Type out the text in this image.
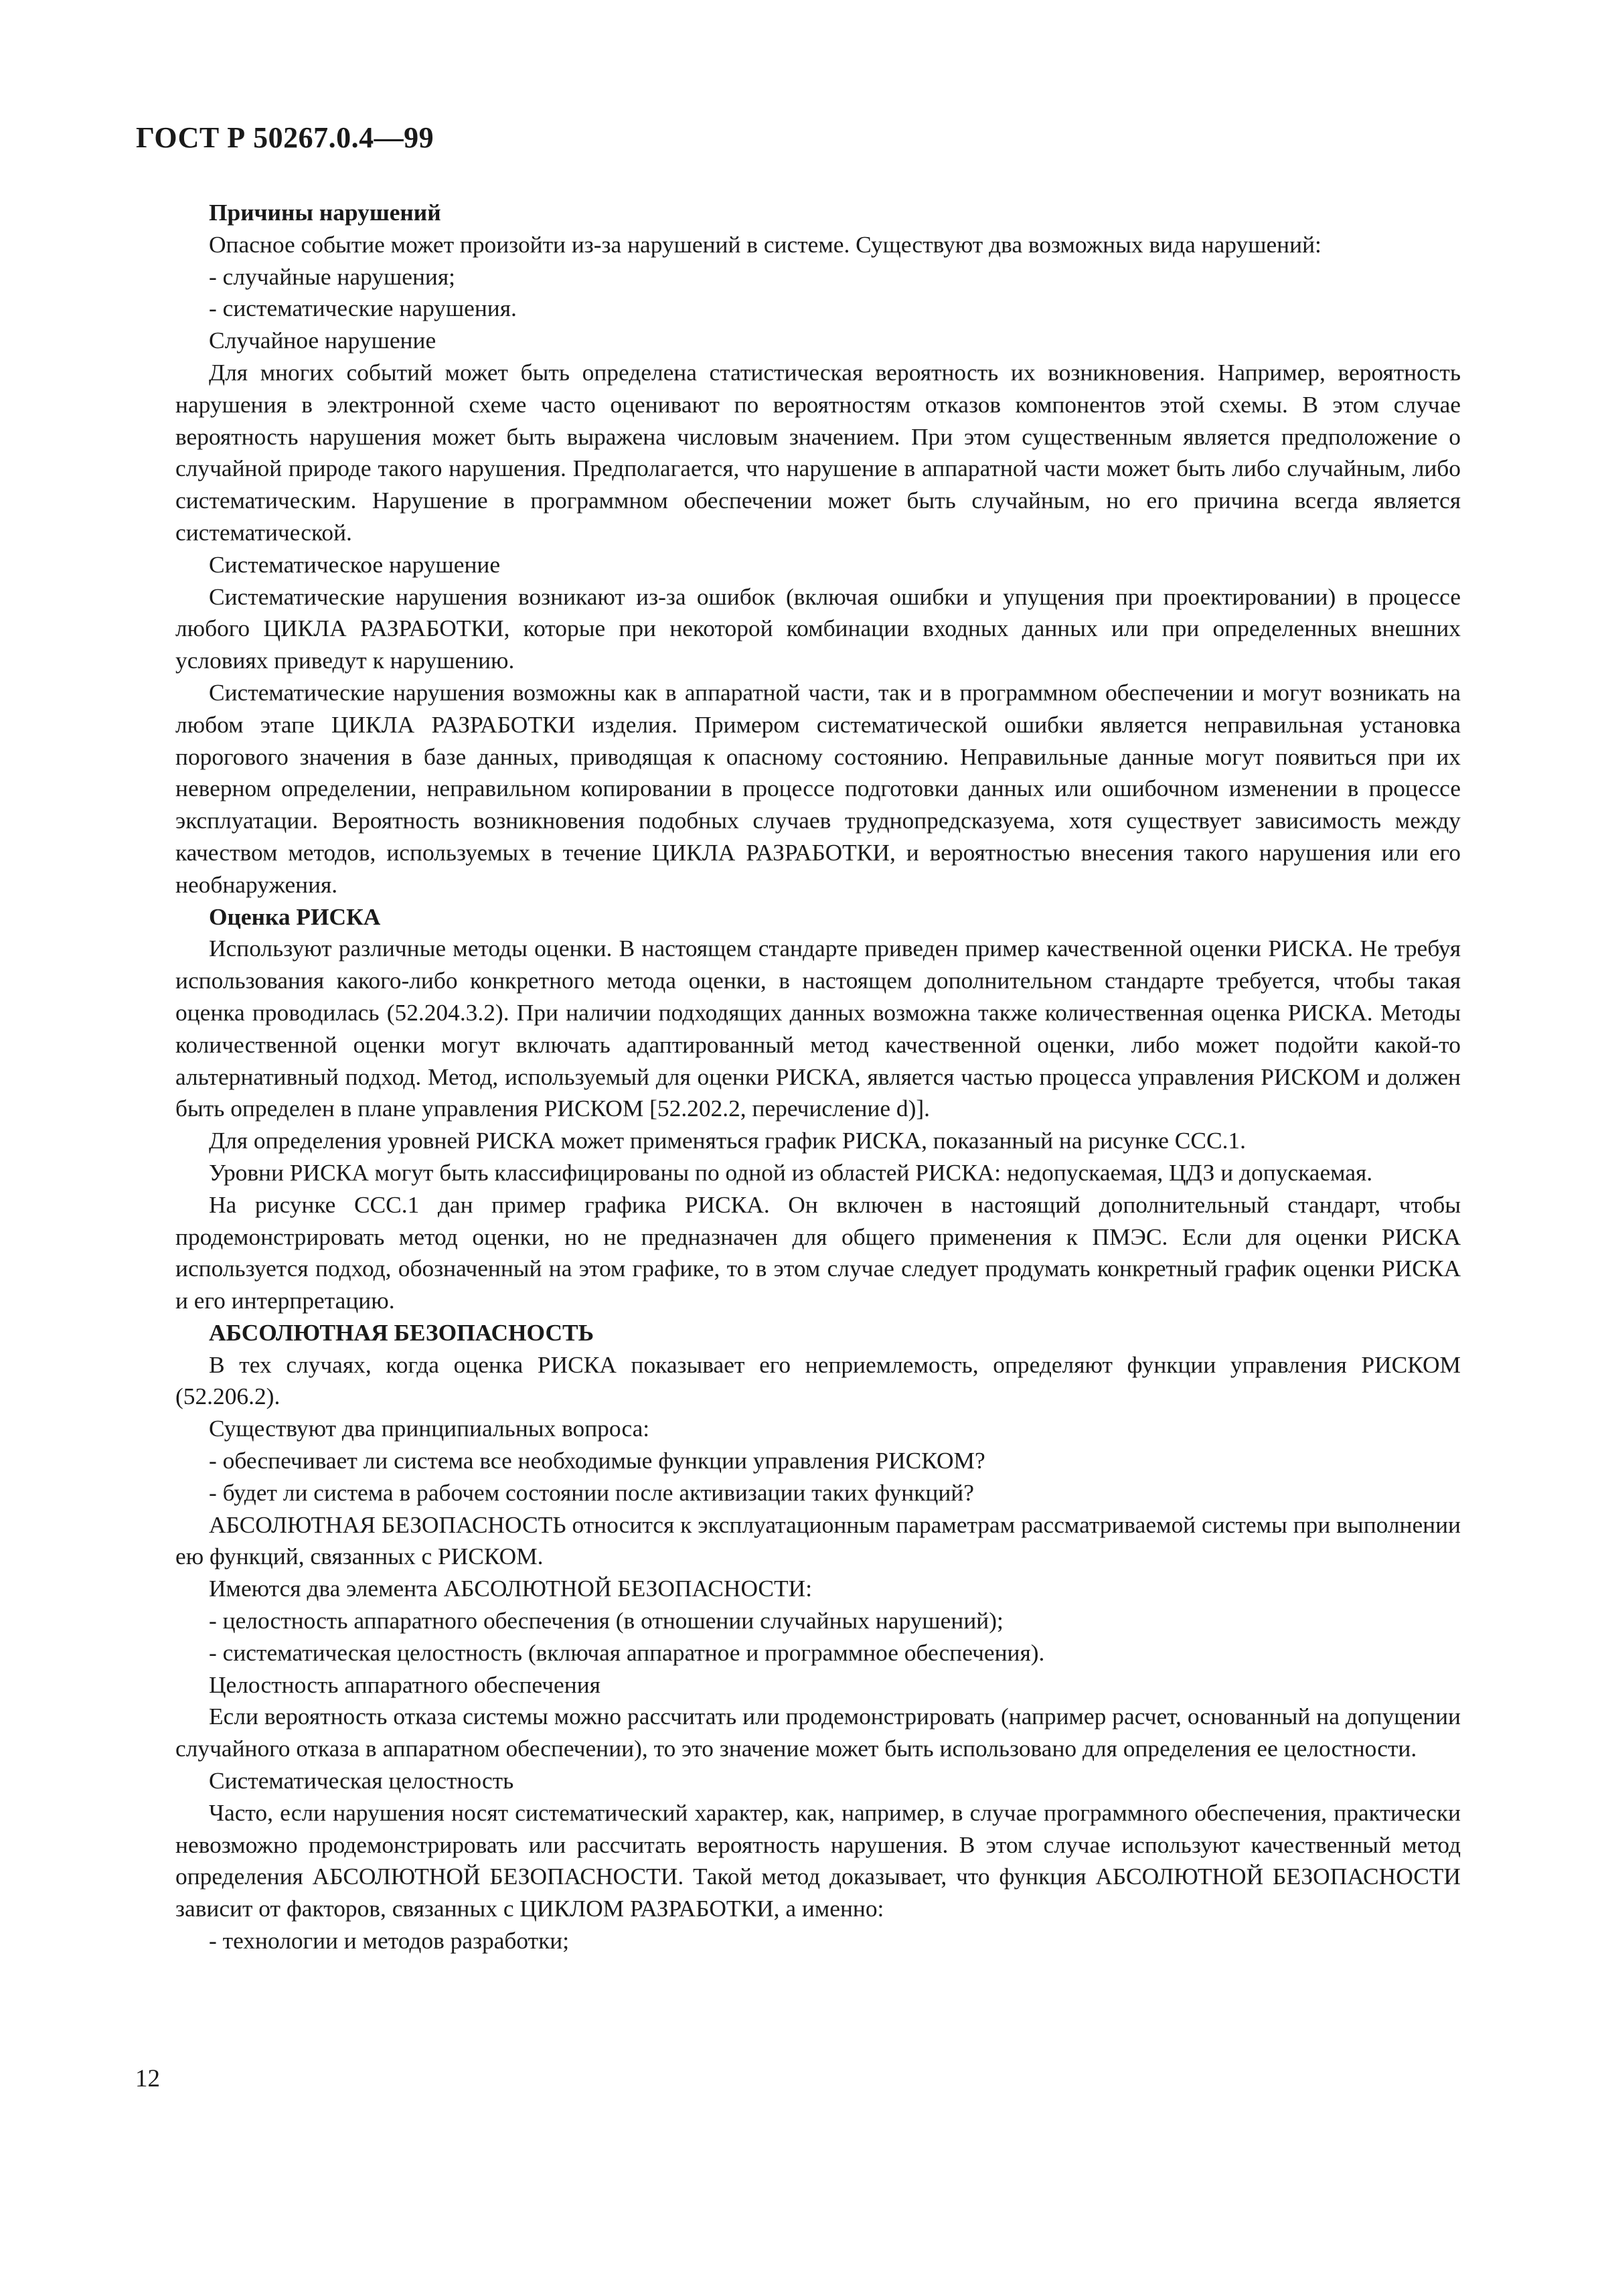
ГОСТ Р 50267.0.4—99

Причины нарушений

Опасное событие может произойти из-за нарушений в системе. Существуют два возможных вида нарушений:

- случайные нарушения;

- систематические нарушения.

Случайное нарушение

Для многих событий может быть определена статистическая вероятность их возникновения. Например, вероятность нарушения в электронной схеме часто оценивают по вероятностям отказов компонентов этой схемы. В этом случае вероятность нарушения может быть выражена числовым значением. При этом существенным является предположение о случайной природе такого нарушения. Предполагается, что нарушение в аппаратной части может быть либо случайным, либо систематическим. Нарушение в программном обеспечении может быть случайным, но его причина всегда является систематической.

Систематическое нарушение

Систематические нарушения возникают из-за ошибок (включая ошибки и упущения при проектировании) в процессе любого ЦИКЛА РАЗРАБОТКИ, которые при некоторой комбинации входных данных или при определенных внешних условиях приведут к нарушению.

Систематические нарушения возможны как в аппаратной части, так и в программном обеспечении и могут возникать на любом этапе ЦИКЛА РАЗРАБОТКИ изделия. Примером систематической ошибки является неправильная установка порогового значения в базе данных, приводящая к опасному состоянию. Неправильные данные могут появиться при их неверном определении, неправильном копировании в процессе подготовки данных или ошибочном изменении в процессе эксплуатации. Вероятность возникновения подобных случаев труднопредсказуема, хотя существует зависимость между качеством методов, используемых в течение ЦИКЛА РАЗРАБОТКИ, и вероятностью внесения такого нарушения или его необнаружения.

Оценка РИСКА

Используют различные методы оценки. В настоящем стандарте приведен пример качественной оценки РИСКА. Не требуя использования какого-либо конкретного метода оценки, в настоящем дополнительном стандарте требуется, чтобы такая оценка проводилась (52.204.3.2). При наличии подходящих данных возможна также количественная оценка РИСКА. Методы количественной оценки могут включать адаптированный метод качественной оценки, либо может подойти какой-то альтернативный подход. Метод, используемый для оценки РИСКА, является частью процесса управления РИСКОМ и должен быть определен в плане управления РИСКОМ [52.202.2, перечисление d)].

Для определения уровней РИСКА может применяться график РИСКА, показанный на рисунке ССС.1.

Уровни РИСКА могут быть классифицированы по одной из областей РИСКА: недопускаемая, ЦДЗ и допускаемая.

На рисунке ССС.1 дан пример графика РИСКА. Он включен в настоящий дополнительный стандарт, чтобы продемонстрировать метод оценки, но не предназначен для общего применения к ПМЭС. Если для оценки РИСКА используется подход, обозначенный на этом графике, то в этом случае следует продумать конкретный график оценки РИСКА и его интерпретацию.

АБСОЛЮТНАЯ БЕЗОПАСНОСТЬ

В тех случаях, когда оценка РИСКА показывает его неприемлемость, определяют функции управления РИСКОМ (52.206.2).

Существуют два принципиальных вопроса:

- обеспечивает ли система все необходимые функции управления РИСКОМ?

- будет ли система в рабочем состоянии после активизации таких функций?

АБСОЛЮТНАЯ БЕЗОПАСНОСТЬ относится к эксплуатационным параметрам рассматриваемой системы при выполнении ею функций, связанных с РИСКОМ.

Имеются два элемента АБСОЛЮТНОЙ БЕЗОПАСНОСТИ:

- целостность аппаратного обеспечения (в отношении случайных нарушений);

- систематическая целостность (включая аппаратное и программное обеспечения).

Целостность аппаратного обеспечения

Если вероятность отказа системы можно рассчитать или продемонстрировать (например расчет, основанный на допущении случайного отказа в аппаратном обеспечении), то это значение может быть использовано для определения ее целостности.

Систематическая целостность

Часто, если нарушения носят систематический характер, как, например, в случае программного обеспечения, практически невозможно продемонстрировать или рассчитать вероятность нарушения. В этом случае используют качественный метод определения АБСОЛЮТНОЙ БЕЗОПАСНОСТИ. Такой метод доказывает, что функция АБСОЛЮТНОЙ БЕЗОПАСНОСТИ зависит от факторов, связанных с ЦИКЛОМ РАЗРАБОТКИ, а именно:

- технологии и методов разработки;

12
